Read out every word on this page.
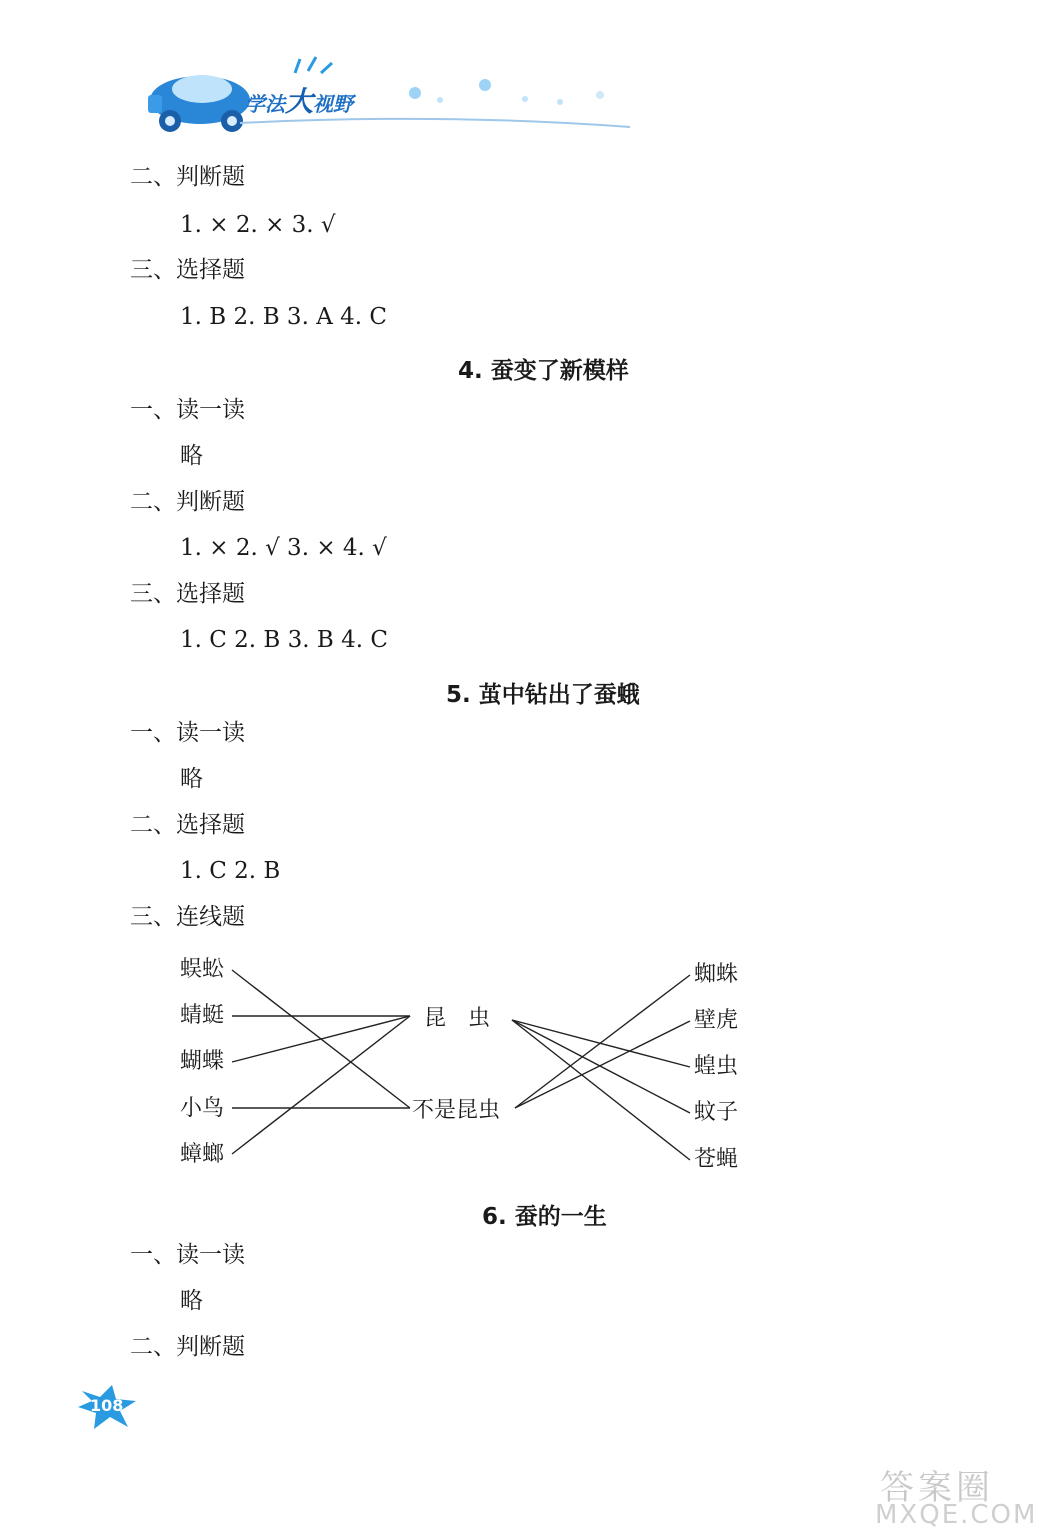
学法大视野
二、判断题
1. × 2. × 3. √
三、选择题
1. B 2. B 3. A 4. C
4. 蚕变了新模样
一、读一读
略
二、判断题
1. × 2. √ 3. × 4. √
三、选择题
1. C 2. B 3. B 4. C
5. 茧中钻出了蚕蛾
一、读一读
略
二、选择题
1. C 2. B
三、连线题
蜈蚣
蜻蜓
蝴蝶
小鸟
蟑螂
昆　虫
不是昆虫
蜘蛛
壁虎
蝗虫
蚊子
苍蝇
6. 蚕的一生
一、读一读
略
二、判断题
108
答案圈
MXQE.COM
